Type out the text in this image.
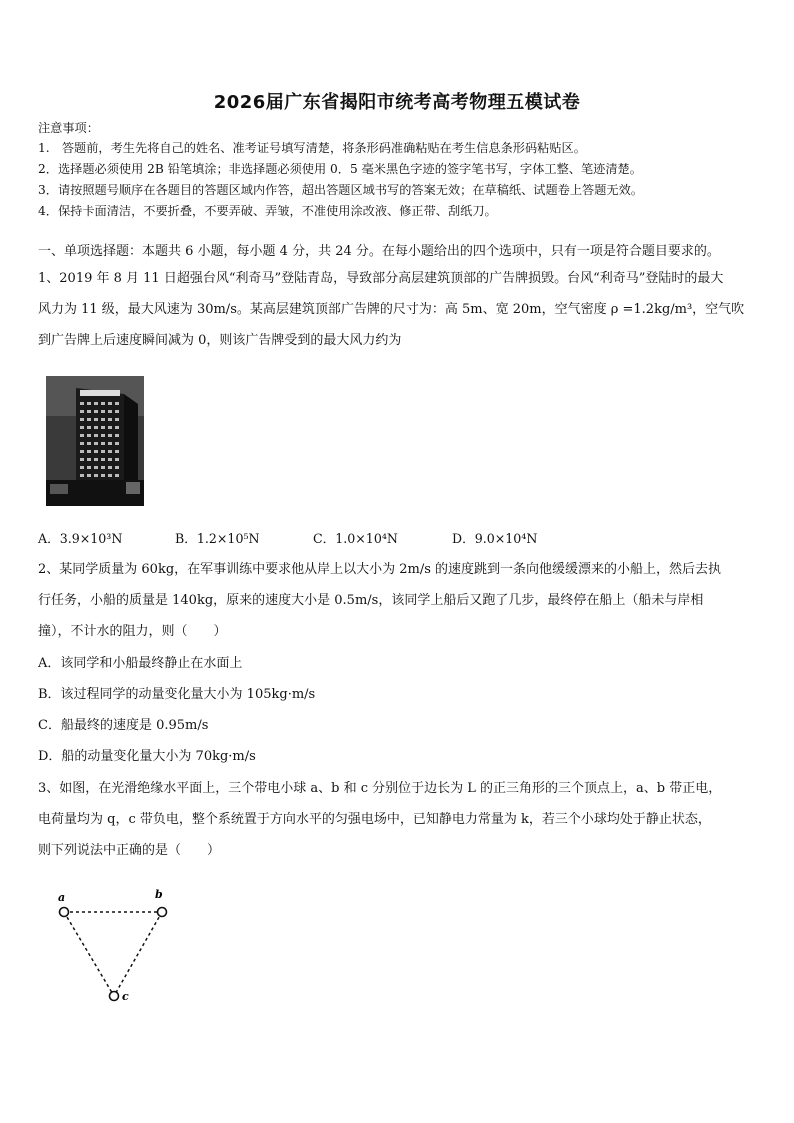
2026届广东省揭阳市统考高考物理五模试卷
注意事项：
1.　答题前，考生先将自己的姓名、准考证号填写清楚，将条形码准确粘贴在考生信息条形码粘贴区。
2．选择题必须使用 2B 铅笔填涂；非选择题必须使用 0．5 毫米黑色字迹的签字笔书写，字体工整、笔迹清楚。
3．请按照题号顺序在各题目的答题区域内作答，超出答题区域书写的答案无效；在草稿纸、试题卷上答题无效。
4．保持卡面清洁，不要折叠，不要弄破、弄皱，不准使用涂改液、修正带、刮纸刀。
一、单项选择题：本题共 6 小题，每小题 4 分，共 24 分。在每小题给出的四个选项中，只有一项是符合题目要求的。
1、2019 年 8 月 11 日超强台风“利奇马”登陆青岛，导致部分高层建筑顶部的广告牌损毁。台风“利奇马”登陆时的最大
风力为 11 级，最大风速为 30m/s。某高层建筑顶部广告牌的尺寸为：高 5m、宽 20m，空气密度 ρ =1.2kg/m³，空气吹
到广告牌上后速度瞬间减为 0，则该广告牌受到的最大风力约为
A．3.9×10³N	B．1.2×10⁵N	C．1.0×10⁴N	D．9.0×10⁴N
2、某同学质量为 60kg，在军事训练中要求他从岸上以大小为 2m/s 的速度跳到一条向他缓缓漂来的小船上，然后去执
行任务，小船的质量是 140kg，原来的速度大小是 0.5m/s，该同学上船后又跑了几步，最终停在船上（船未与岸相
撞），不计水的阻力，则（　　）
A．该同学和小船最终静止在水面上
B．该过程同学的动量变化量大小为 105kg·m/s
C．船最终的速度是 0.95m/s
D．船的动量变化量大小为 70kg·m/s
3、如图，在光滑绝缘水平面上，三个带电小球 a、b 和 c 分别位于边长为 L 的正三角形的三个顶点上，a、b 带正电，
电荷量均为 q，c 带负电，整个系统置于方向水平的匀强电场中，已知静电力常量为 k，若三个小球均处于静止状态，
则下列说法中正确的是（　　）
a	b
c
